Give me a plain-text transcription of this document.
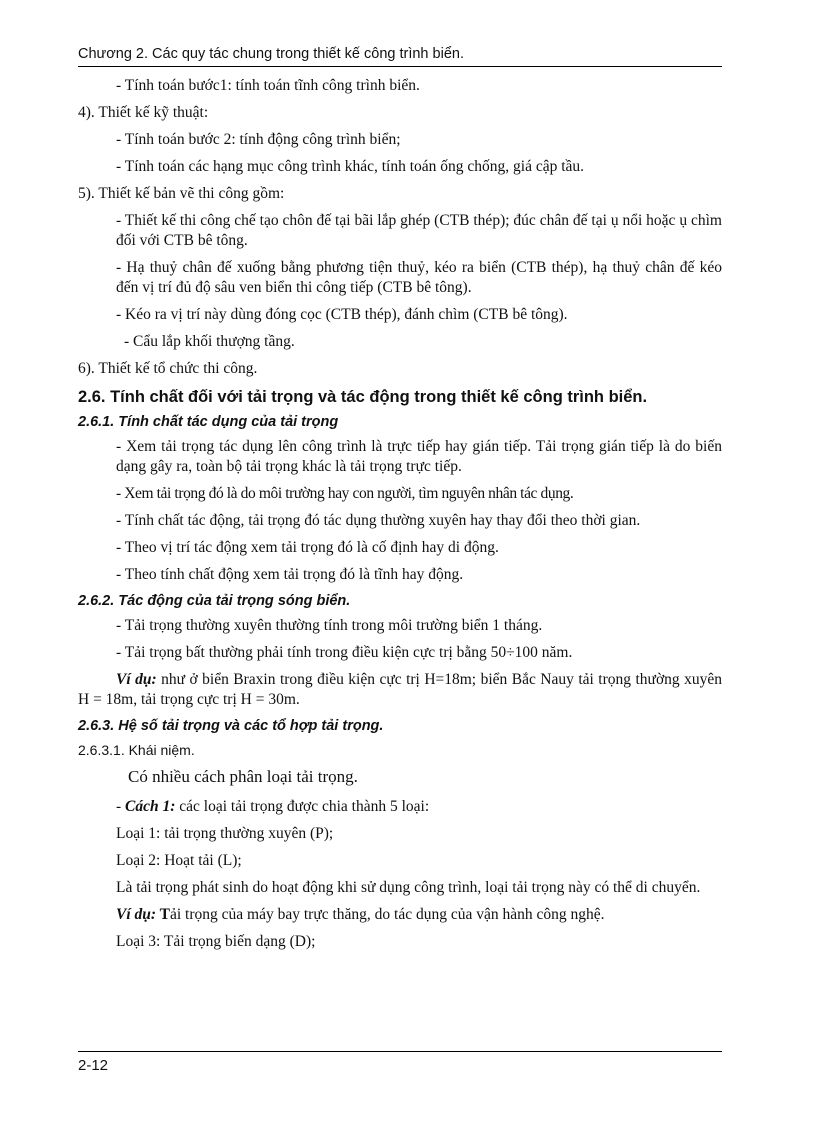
Chương 2. Các quy tác chung trong thiết kế công trình biển.

- Tính toán bước1: tính toán tĩnh công trình biển.

4). Thiết kế kỹ thuật:

- Tính toán bước 2: tính động công trình biển;

- Tính toán các hạng mục công trình khác, tính toán ống chống, giá cập tầu.

5). Thiết kế bản vẽ thi công gồm:

- Thiết kế thi công chế tạo chôn đế tại bãi lắp ghép (CTB thép); đúc chân đế tại ụ nổi hoặc ụ chìm đối với CTB bê tông.

- Hạ thuỷ chân đế xuống bằng phương tiện thuỷ, kéo ra biển (CTB thép), hạ thuỷ chân đế kéo đến vị trí đủ độ sâu ven biển thi công tiếp (CTB bê tông).

- Kéo ra vị trí này dùng đóng cọc (CTB thép), đánh chìm (CTB bê tông).

- Cẩu lắp khối thượng tầng.

6). Thiết kế tổ chức thi công.

2.6. Tính chất đối với tải trọng và tác động trong thiết kế công trình biển.
2.6.1. Tính chất tác dụng của tải trọng

- Xem tải trọng tác dụng lên công trình là trực tiếp hay gián tiếp. Tải trọng gián tiếp là do biến dạng gây ra, toàn bộ tải trọng khác là tải trọng trực tiếp.

- Xem tải trọng đó là do môi trường hay con người, tìm nguyên nhân tác dụng.

- Tính chất tác động, tải trọng đó tác dụng thường xuyên hay thay đổi theo thời gian.

- Theo vị trí tác động xem tải trọng đó là cố định hay di động.

- Theo tính chất động xem tải trọng đó là tĩnh hay động.

2.6.2. Tác động của tải trọng sóng biển.

- Tải trọng thường xuyên thường tính trong môi trường biển 1 tháng.

- Tải trọng bất thường phải tính trong điều kiện cực trị bằng 50÷100 năm.

Ví dụ: như ở biển Braxin trong điều kiện cực trị H=18m; biển Bắc Nauy tải trọng thường xuyên H = 18m, tải trọng cực trị H = 30m.

2.6.3. Hệ số tải trọng và các tổ hợp tải trọng.
2.6.3.1. Khái niệm.

Có nhiều cách phân loại tải trọng.

- Cách 1: các loại tải trọng được chia thành 5 loại:

Loại 1: tải trọng thường xuyên (P);

Loại 2: Hoạt tải (L);

Là tải trọng phát sinh do hoạt động khi sử dụng công trình, loại tải trọng này có thể di chuyển.

Ví dụ: Tải trọng của máy bay trực thăng, do tác dụng của vận hành công nghệ.

Loại 3: Tải trọng biến dạng (D);

2-12
